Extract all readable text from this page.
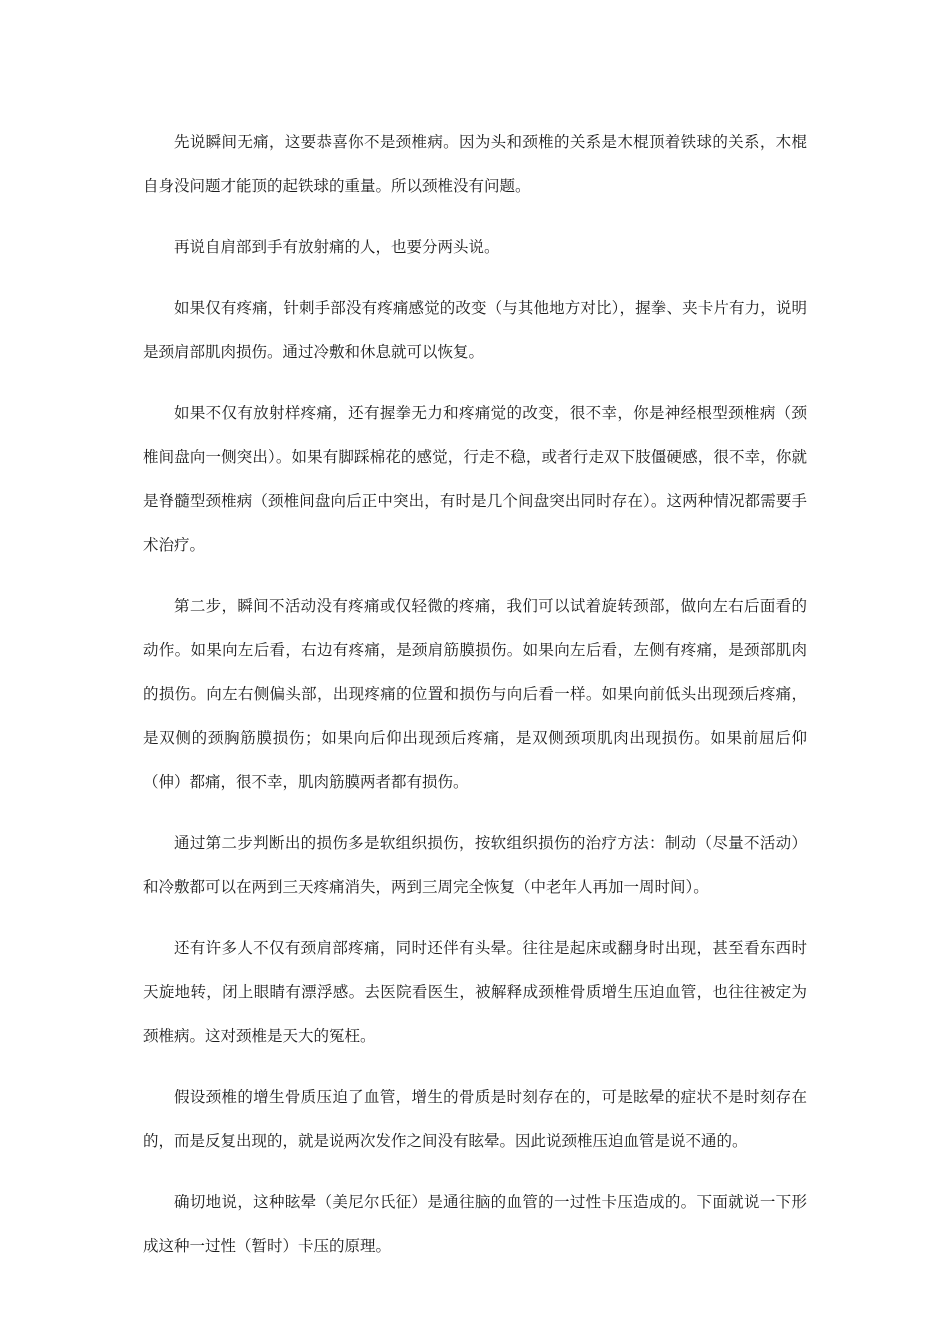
先说瞬间无痛，这要恭喜你不是颈椎病。因为头和颈椎的关系是木棍顶着铁球的关系，木棍自身没问题才能顶的起铁球的重量。所以颈椎没有问题。

再说自肩部到手有放射痛的人，也要分两头说。

如果仅有疼痛，针刺手部没有疼痛感觉的改变（与其他地方对比），握拳、夹卡片有力，说明是颈肩部肌肉损伤。通过冷敷和休息就可以恢复。

如果不仅有放射样疼痛，还有握拳无力和疼痛觉的改变，很不幸，你是神经根型颈椎病（颈椎间盘向一侧突出）。如果有脚踩棉花的感觉，行走不稳，或者行走双下肢僵硬感，很不幸，你就是脊髓型颈椎病（颈椎间盘向后正中突出，有时是几个间盘突出同时存在）。这两种情况都需要手术治疗。

第二步，瞬间不活动没有疼痛或仅轻微的疼痛，我们可以试着旋转颈部，做向左右后面看的动作。如果向左后看，右边有疼痛，是颈肩筋膜损伤。如果向左后看，左侧有疼痛，是颈部肌肉的损伤。向左右侧偏头部，出现疼痛的位置和损伤与向后看一样。如果向前低头出现颈后疼痛，是双侧的颈胸筋膜损伤；如果向后仰出现颈后疼痛，是双侧颈项肌肉出现损伤。如果前屈后仰（伸）都痛，很不幸，肌肉筋膜两者都有损伤。

通过第二步判断出的损伤多是软组织损伤，按软组织损伤的治疗方法：制动（尽量不活动）和冷敷都可以在两到三天疼痛消失，两到三周完全恢复（中老年人再加一周时间）。

还有许多人不仅有颈肩部疼痛，同时还伴有头晕。往往是起床或翻身时出现，甚至看东西时天旋地转，闭上眼睛有漂浮感。去医院看医生，被解释成颈椎骨质增生压迫血管，也往往被定为颈椎病。这对颈椎是天大的冤枉。

假设颈椎的增生骨质压迫了血管，增生的骨质是时刻存在的，可是眩晕的症状不是时刻存在的，而是反复出现的，就是说两次发作之间没有眩晕。因此说颈椎压迫血管是说不通的。

确切地说，这种眩晕（美尼尔氏征）是通往脑的血管的一过性卡压造成的。下面就说一下形成这种一过性（暂时）卡压的原理。
